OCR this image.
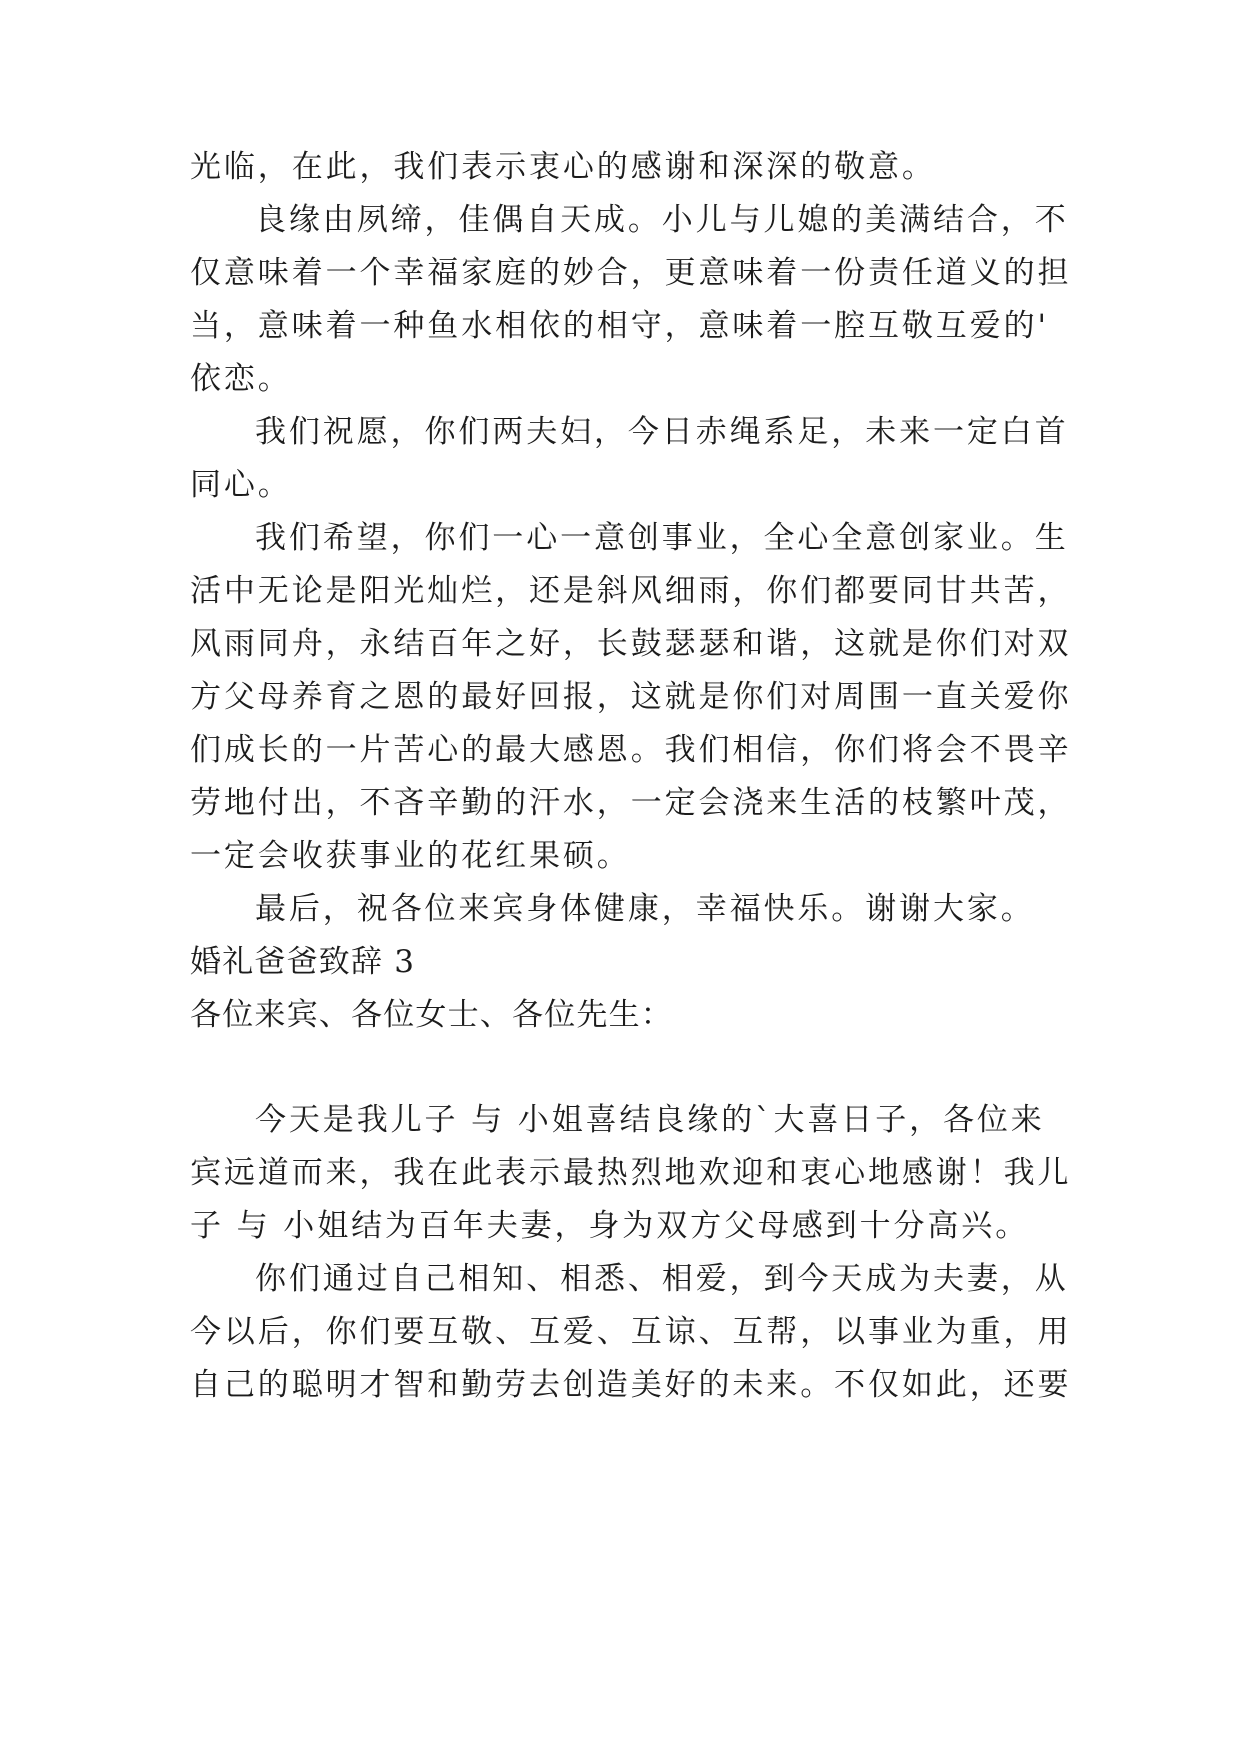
光临，在此，我们表示衷心的感谢和深深的敬意。
良缘由夙缔，佳偶自天成。小儿与儿媳的美满结合，不
仅意味着一个幸福家庭的妙合，更意味着一份责任道义的担
当，意味着一种鱼水相依的相守，意味着一腔互敬互爱的'
依恋。
我们祝愿，你们两夫妇，今日赤绳系足，未来一定白首
同心。
我们希望，你们一心一意创事业，全心全意创家业。生
活中无论是阳光灿烂，还是斜风细雨，你们都要同甘共苦，
风雨同舟，永结百年之好，长鼓瑟瑟和谐，这就是你们对双
方父母养育之恩的最好回报，这就是你们对周围一直关爱你
们成长的一片苦心的最大感恩。我们相信，你们将会不畏辛
劳地付出，不吝辛勤的汗水，一定会浇来生活的枝繁叶茂，
一定会收获事业的花红果硕。
最后，祝各位来宾身体健康，幸福快乐。谢谢大家。
婚礼爸爸致辞 3
各位来宾、各位女士、各位先生：
今天是我儿子 与 小姐喜结良缘的`大喜日子，各位来
宾远道而来，我在此表示最热烈地欢迎和衷心地感谢！我儿
子 与 小姐结为百年夫妻，身为双方父母感到十分高兴。
你们通过自己相知、相悉、相爱，到今天成为夫妻，从
今以后，你们要互敬、互爱、互谅、互帮，以事业为重，用
自己的聪明才智和勤劳去创造美好的未来。不仅如此，还要
